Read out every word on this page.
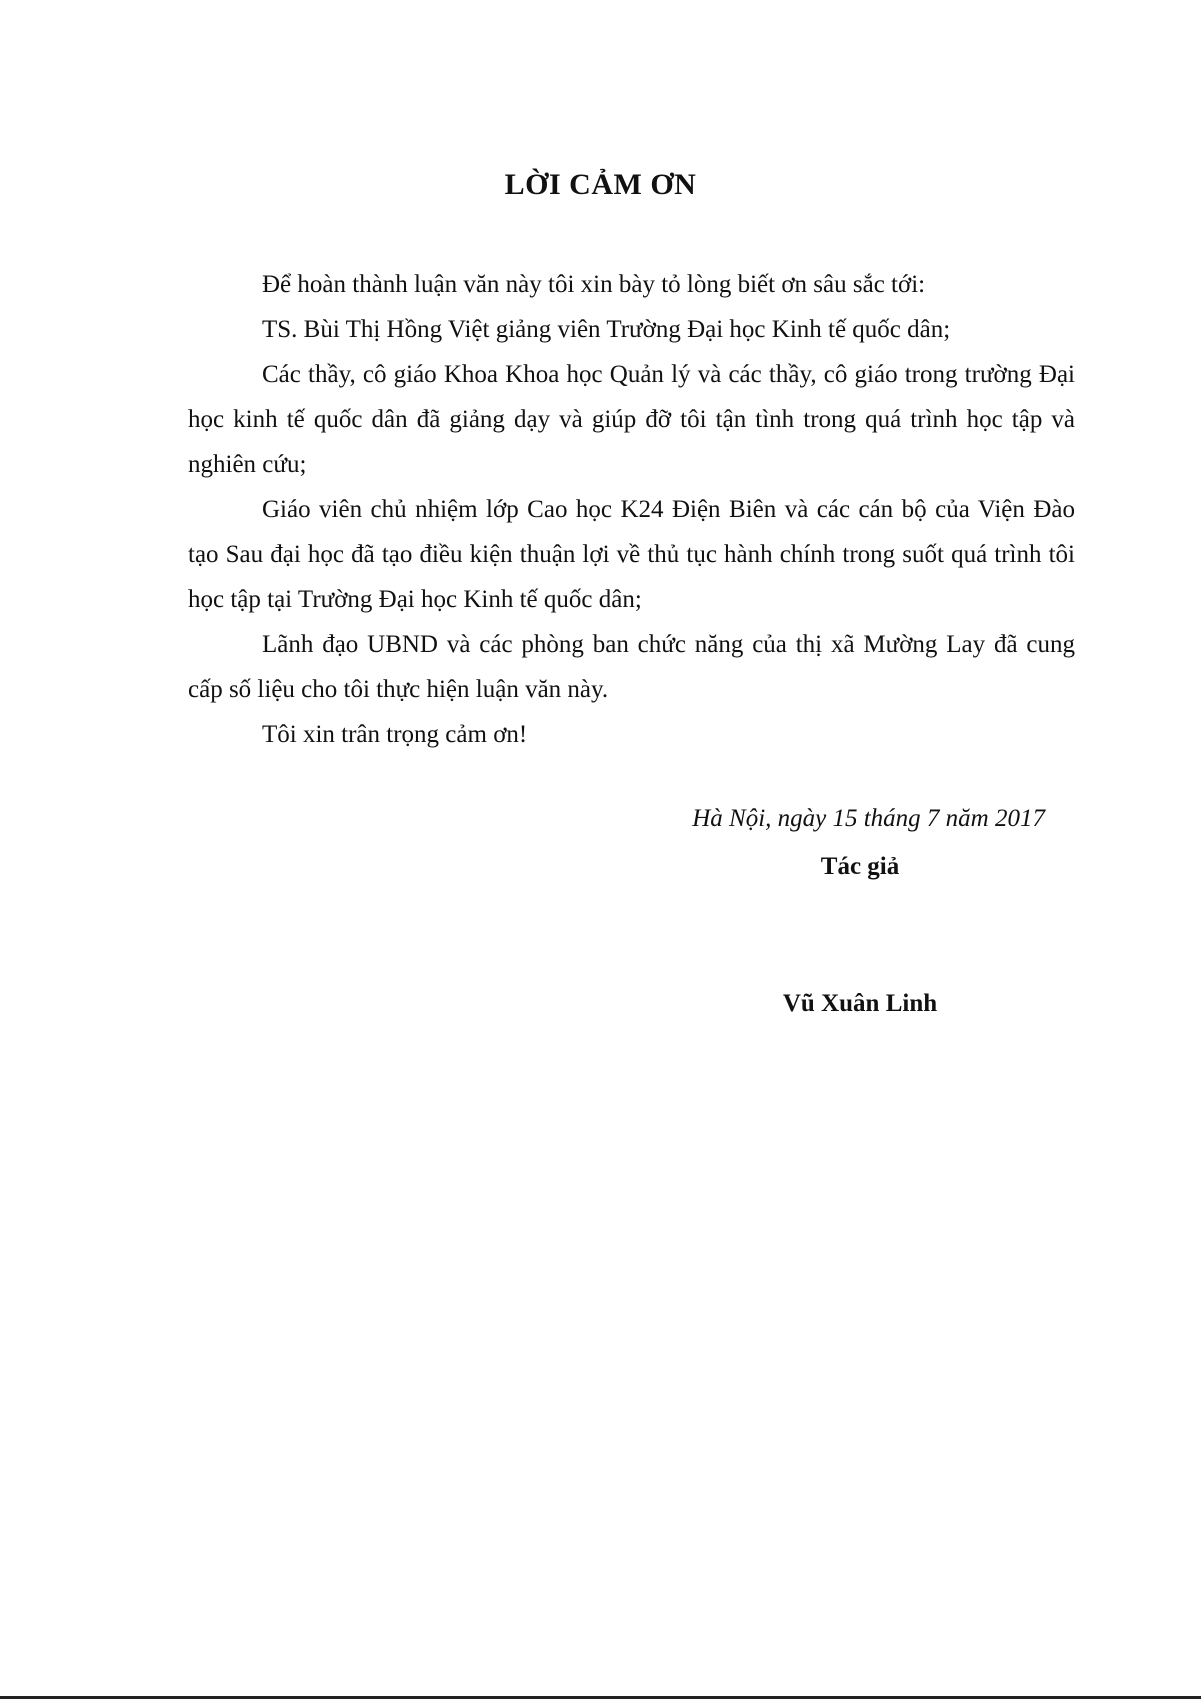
LỜI CẢM ƠN

Để hoàn thành luận văn này tôi xin bày tỏ lòng biết ơn sâu sắc tới:

TS. Bùi Thị Hồng Việt giảng viên Trường Đại học Kinh tế quốc dân;

Các thầy, cô giáo Khoa Khoa học Quản lý và các thầy, cô giáo trong trường Đại học kinh tế quốc dân đã giảng dạy và giúp đỡ tôi tận tình trong quá trình học tập và nghiên cứu;

Giáo viên chủ nhiệm lớp Cao học K24 Điện Biên và các cán bộ của Viện Đào tạo Sau đại học đã tạo điều kiện thuận lợi về thủ tục hành chính trong suốt quá trình tôi học tập tại Trường Đại học Kinh tế quốc dân;

Lãnh đạo UBND và các phòng ban chức năng của thị xã Mường Lay đã cung cấp số liệu cho tôi thực hiện luận văn này.

Tôi xin trân trọng cảm ơn!

Hà Nội, ngày 15 tháng 7 năm 2017
Tác giả
Vũ Xuân Linh
